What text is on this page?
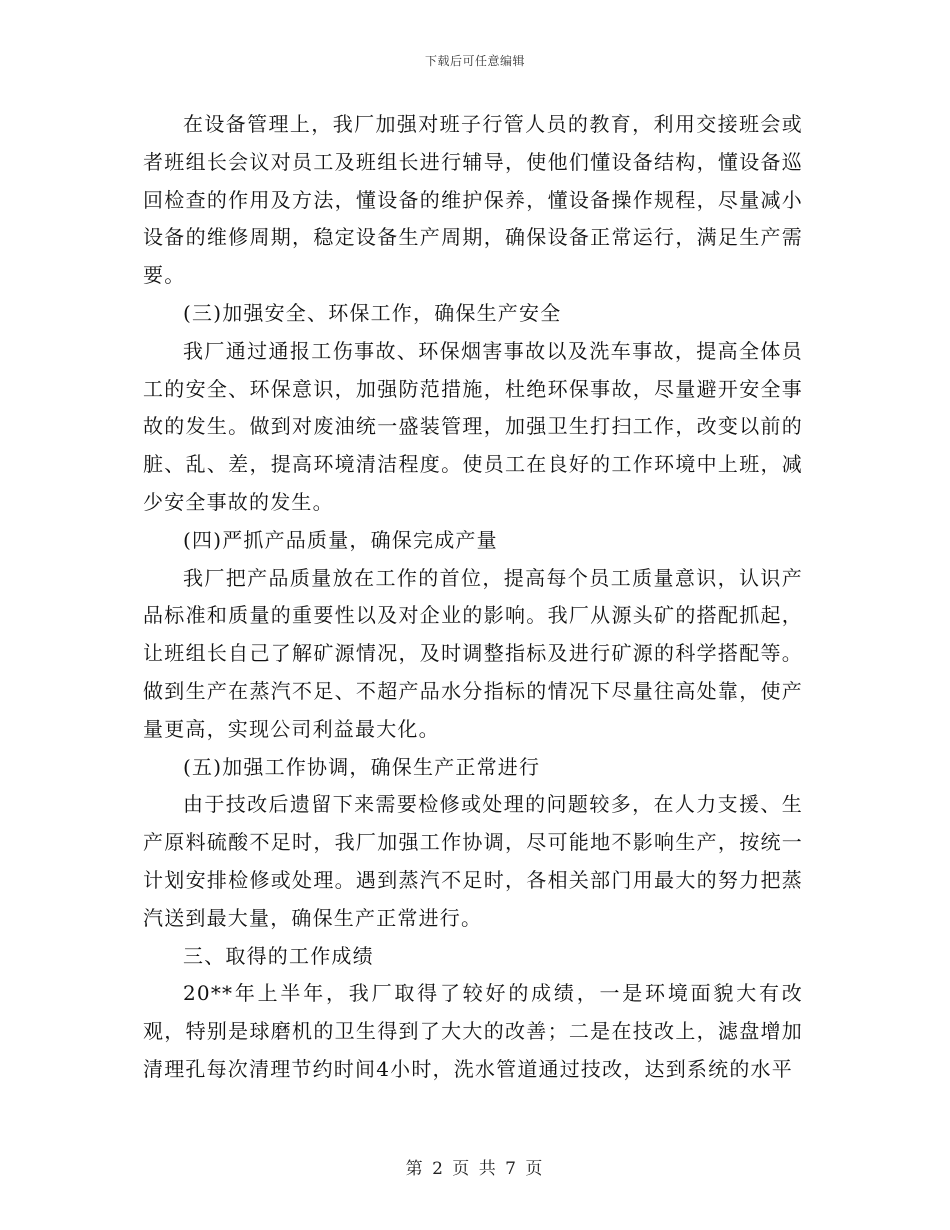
下载后可任意编辑

在设备管理上，我厂加强对班子行管人员的教育，利用交接班会或者班组长会议对员工及班组长进行辅导，使他们懂设备结构，懂设备巡回检查的作用及方法，懂设备的维护保养，懂设备操作规程，尽量减小设备的维修周期，稳定设备生产周期，确保设备正常运行，满足生产需要。

(三)加强安全、环保工作，确保生产安全

我厂通过通报工伤事故、环保烟害事故以及洗车事故，提高全体员工的安全、环保意识，加强防范措施，杜绝环保事故，尽量避开安全事故的发生。做到对废油统一盛装管理，加强卫生打扫工作，改变以前的脏、乱、差，提高环境清洁程度。使员工在良好的工作环境中上班，减少安全事故的发生。

(四)严抓产品质量，确保完成产量

我厂把产品质量放在工作的首位，提高每个员工质量意识，认识产品标准和质量的重要性以及对企业的影响。我厂从源头矿的搭配抓起，让班组长自己了解矿源情况，及时调整指标及进行矿源的科学搭配等。做到生产在蒸汽不足、不超产品水分指标的情况下尽量往高处靠，使产量更高，实现公司利益最大化。

(五)加强工作协调，确保生产正常进行

由于技改后遗留下来需要检修或处理的问题较多，在人力支援、生产原料硫酸不足时，我厂加强工作协调，尽可能地不影响生产，按统一计划安排检修或处理。遇到蒸汽不足时，各相关部门用最大的努力把蒸汽送到最大量，确保生产正常进行。

三、取得的工作成绩

20**年上半年，我厂取得了较好的成绩，一是环境面貌大有改观，特别是球磨机的卫生得到了大大的改善；二是在技改上，滤盘增加清理孔每次清理节约时间4小时，洗水管道通过技改，达到系统的水平

第 2 页 共 7 页
